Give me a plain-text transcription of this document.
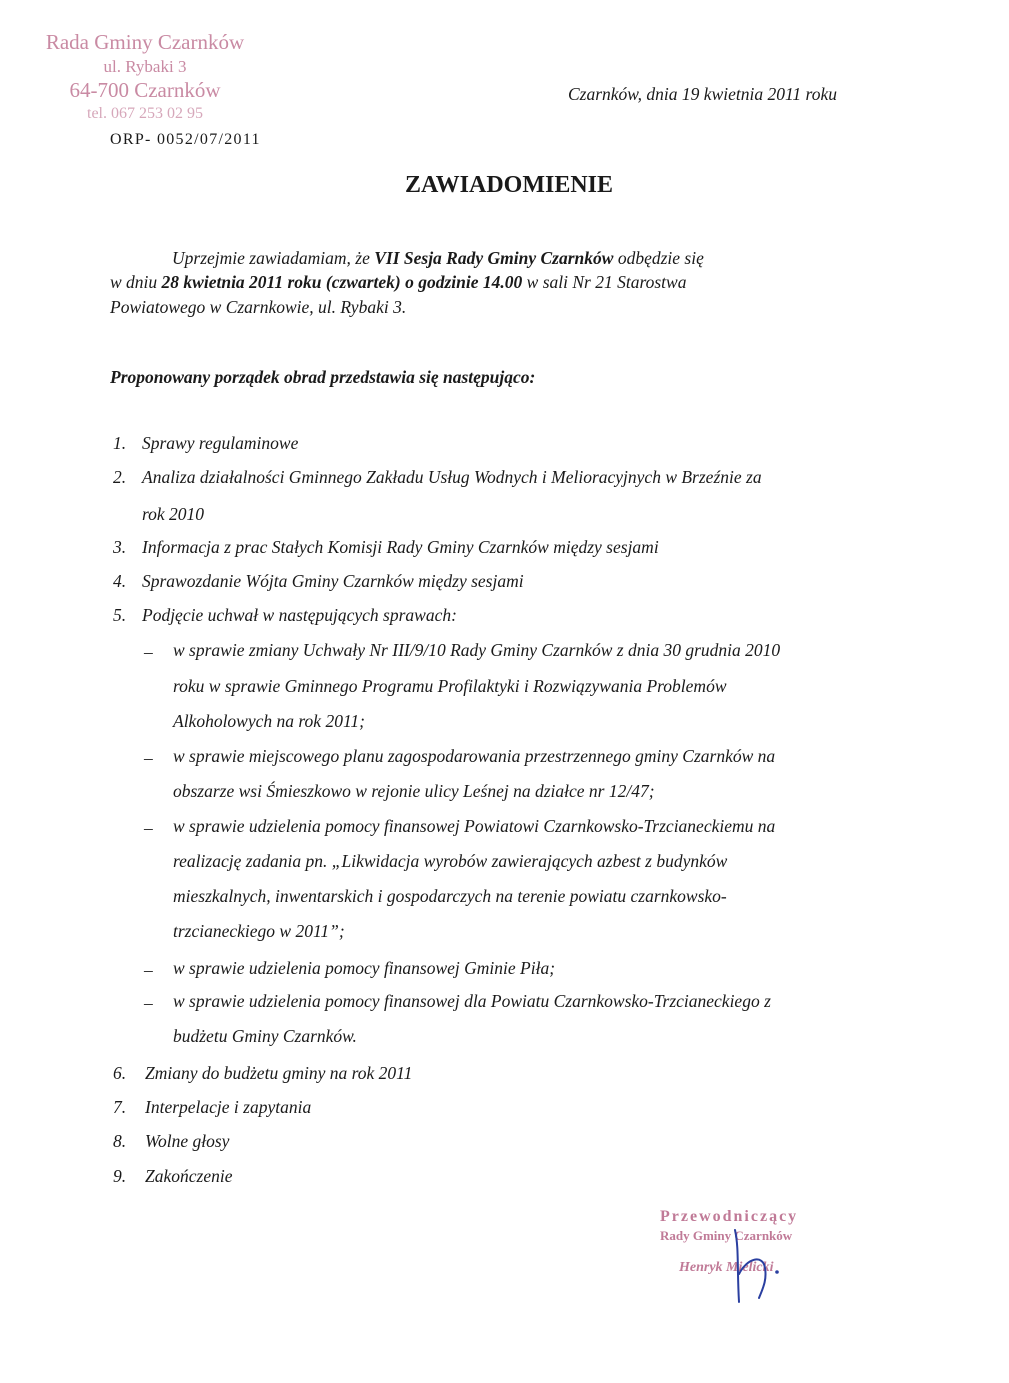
Rada Gminy Czarnków
ul. Rybaki 3
64-700 Czarnków
tel. 067 253 02 95
ORP- 0052/07/2011
Czarnków, dnia 19 kwietnia 2011 roku
ZAWIADOMIENIE
Uprzejmie zawiadamiam, że VII Sesja Rady Gminy Czarnków odbędzie się
w dniu 28 kwietnia 2011 roku (czwartek) o godzinie 14.00 w sali Nr 21 Starostwa
Powiatowego w Czarnkowie, ul. Rybaki 3.
Proponowany porządek obrad przedstawia się następująco:
1. Sprawy regulaminowe
2. Analiza działalności Gminnego Zakładu Usług Wodnych i Melioracyjnych w Brzeźnie za
rok 2010
3. Informacja z prac Stałych Komisji Rady Gminy Czarnków między sesjami
4. Sprawozdanie Wójta Gminy Czarnków między sesjami
5. Podjęcie uchwał w następujących sprawach:
– w sprawie zmiany Uchwały Nr III/9/10 Rady Gminy Czarnków z dnia 30 grudnia 2010
roku w sprawie Gminnego Programu Profilaktyki i Rozwiązywania Problemów
Alkoholowych na rok 2011;
– w sprawie miejscowego planu zagospodarowania przestrzennego gminy Czarnków na
obszarze wsi Śmieszkowo w rejonie ulicy Leśnej na działce nr 12/47;
– w sprawie udzielenia pomocy finansowej Powiatowi Czarnkowsko-Trzcianeckiemu na
realizację zadania pn. „Likwidacja wyrobów zawierających azbest z budynków
mieszkalnych, inwentarskich i gospodarczych na terenie powiatu czarnkowsko-
trzcianeckiego w 2011”;
– w sprawie udzielenia pomocy finansowej Gminie Piła;
– w sprawie udzielenia pomocy finansowej dla Powiatu Czarnkowsko-Trzcianeckiego z
budżetu Gminy Czarnków.
6. Zmiany do budżetu gminy na rok 2011
7. Interpelacje i zapytania
8. Wolne głosy
9. Zakończenie
Przewodniczący
Rady Gminy Czarnków
Henryk Mielicki
